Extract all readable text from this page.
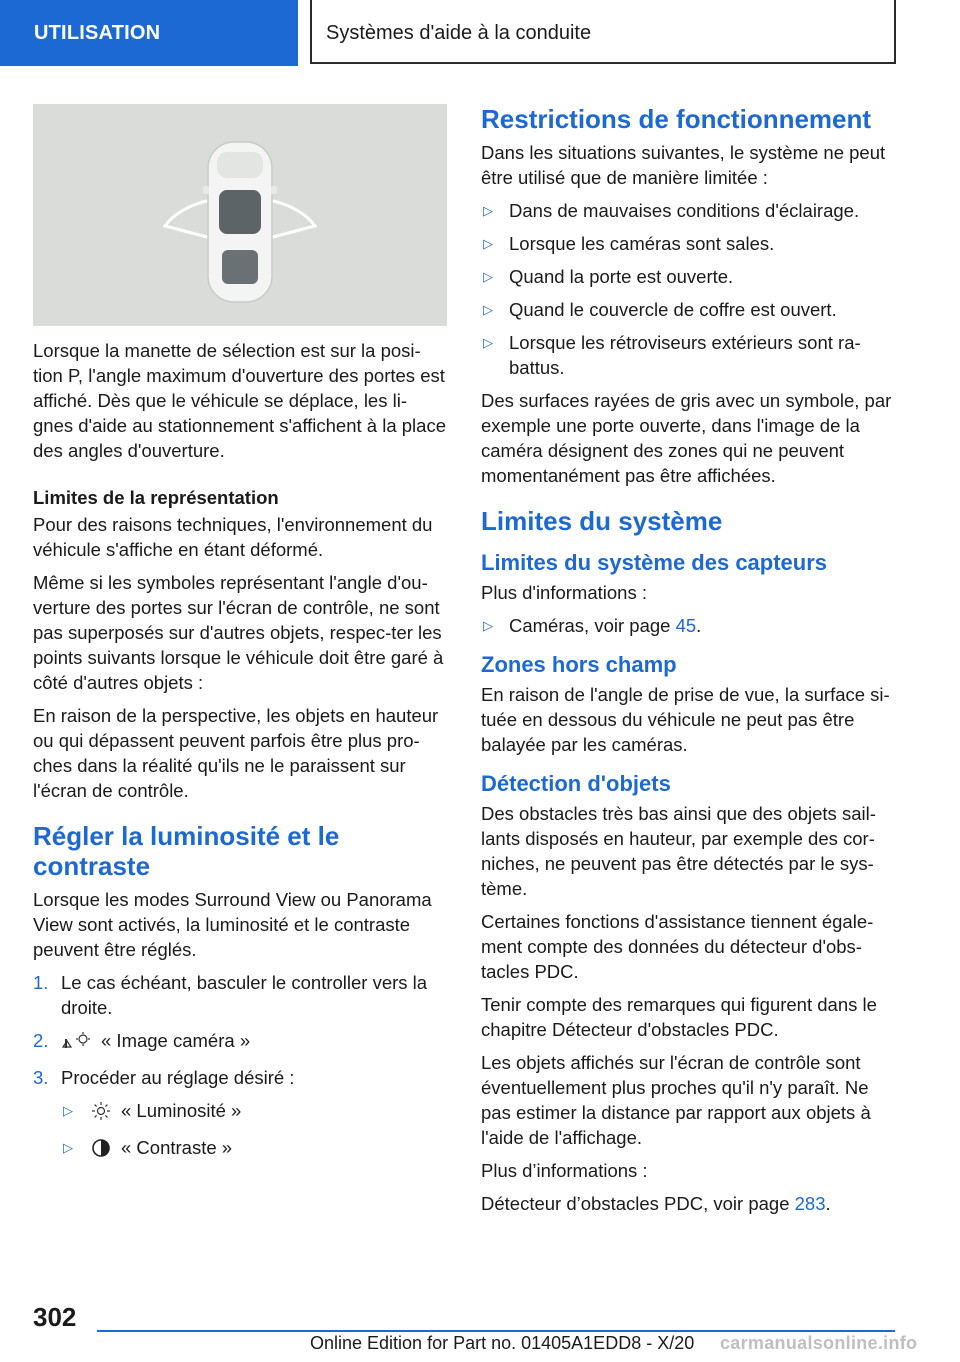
UTILISATION	Systèmes d'aide à la conduite

Lorsque la manette de sélection est sur la posi-tion P, l'angle maximum d'ouverture des portes est affiché. Dès que le véhicule se déplace, les li-gnes d'aide au stationnement s'affichent à la place des angles d'ouverture.

Limites de la représentation

Pour des raisons techniques, l'environnement du véhicule s'affiche en étant déformé.

Même si les symboles représentant l'angle d'ou-verture des portes sur l'écran de contrôle, ne sont pas superposés sur d'autres objets, respec-ter les points suivants lorsque le véhicule doit être garé à côté d'autres objets :

En raison de la perspective, les objets en hauteur ou qui dépassent peuvent parfois être plus pro-ches dans la réalité qu'ils ne le paraissent sur l'écran de contrôle.

Régler la luminosité et le contraste

Lorsque les modes Surround View ou Panorama View sont activés, la luminosité et le contraste peuvent être réglés.

1. Le cas échéant, basculer le controller vers la droite.
2.	« Image caméra »
3. Procéder au réglage désiré :
▷	« Luminosité »
▷	« Contraste »
Restrictions de fonctionnement

Dans les situations suivantes, le système ne peut être utilisé que de manière limitée :

▷ Dans de mauvaises conditions d'éclairage.
▷ Lorsque les caméras sont sales.
▷ Quand la porte est ouverte.
▷ Quand le couvercle de coffre est ouvert.
▷ Lorsque les rétroviseurs extérieurs sont ra-battus.

Des surfaces rayées de gris avec un symbole, par exemple une porte ouverte, dans l'image de la caméra désignent des zones qui ne peuvent momentanément pas être affichées.

Limites du système
Limites du système des capteurs

Plus d'informations :

▷ Caméras, voir page 45.
Zones hors champ

En raison de l'angle de prise de vue, la surface si-tuée en dessous du véhicule ne peut pas être balayée par les caméras.

Détection d'objets

Des obstacles très bas ainsi que des objets sail-lants disposés en hauteur, par exemple des cor-niches, ne peuvent pas être détectés par le sys-tème.

Certaines fonctions d'assistance tiennent égale-ment compte des données du détecteur d'obs-tacles PDC.

Tenir compte des remarques qui figurent dans le chapitre Détecteur d'obstacles PDC.

Les objets affichés sur l'écran de contrôle sont éventuellement plus proches qu'il n'y paraît. Ne pas estimer la distance par rapport aux objets à l'aide de l'affichage.

Plus d’informations :

Détecteur d’obstacles PDC, voir page 283.

302
Online Edition for Part no. 01405A1EDD8 - X/20 carmanualsonline.info
